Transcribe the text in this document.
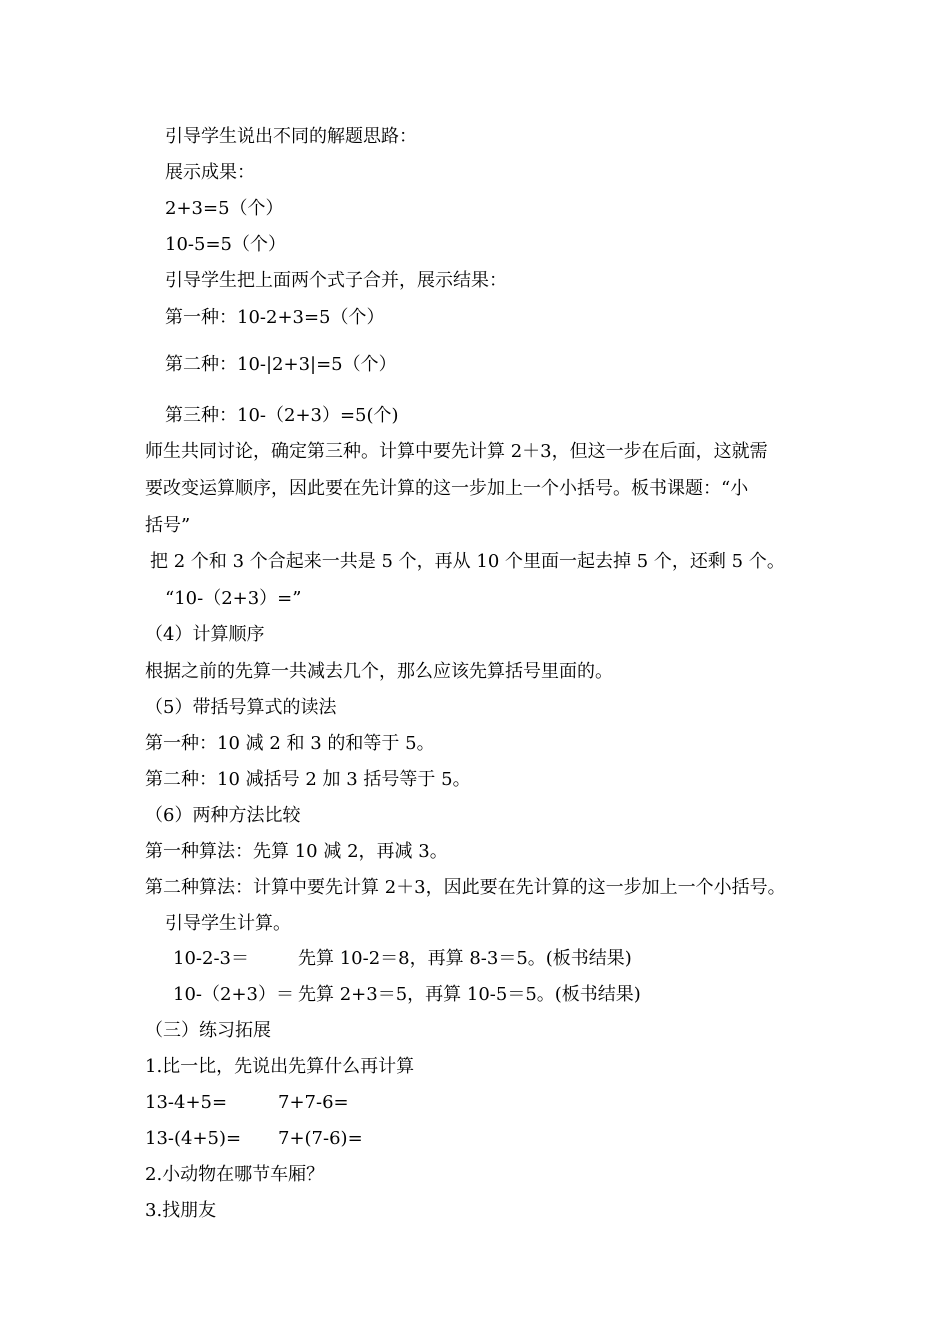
引导学生说出不同的解题思路：
展示成果：
2+3=5（个）
10-5=5（个）
引导学生把上面两个式子合并，展示结果：
第一种：10-2+3=5（个）
第二种：10-|2+3|=5（个）
第三种：10-（2+3）=5(个)
师生共同讨论，确定第三种。计算中要先计算 2＋3，但这一步在后面，这就需
要改变运算顺序，因此要在先计算的这一步加上一个小括号。板书课题：“小
括号”
把 2 个和 3 个合起来一共是 5 个，再从 10 个里面一起去掉 5 个，还剩 5 个。
“10-（2+3）=”
（4）计算顺序
根据之前的先算一共减去几个，那么应该先算括号里面的。
（5）带括号算式的读法
第一种：10 减 2 和 3 的和等于 5。
第二种：10 减括号 2 加 3 括号等于 5。
（6）两种方法比较
第一种算法：先算 10 减 2，再减 3。
第二种算法：计算中要先计算 2＋3，因此要在先计算的这一步加上一个小括号。
引导学生计算。
10-2-3＝	先算 10-2＝8，再算 8-3＝5。(板书结果)
10-（2+3）＝ 先算 2+3＝5，再算 10-5＝5。(板书结果)
（三）练习拓展
1.比一比，先说出先算什么再计算
13-4+5=	7+7-6=
13-(4+5)= 7+(7-6)=
2.小动物在哪节车厢？
3.找朋友
